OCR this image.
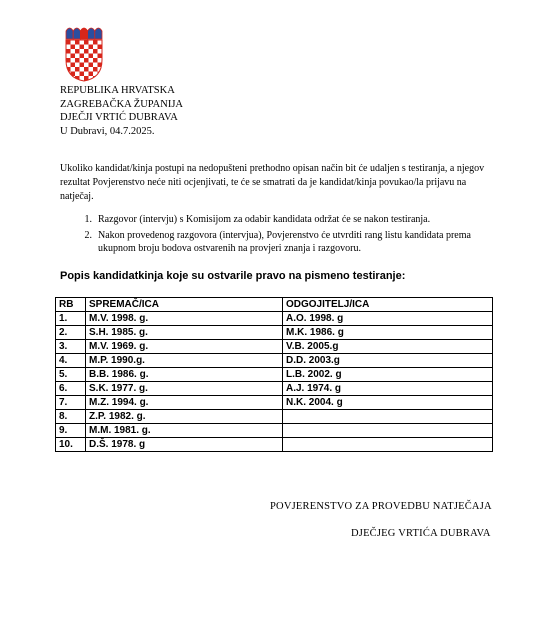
REPUBLIKA HRVATSKA
ZAGREBAČKA ŽUPANIJA
DJEČJI VRTIĆ DUBRAVA
U Dubravi, 04.7.2025.
Ukoliko kandidat/kinja postupi na nedopušteni prethodno opisan način bit će udaljen s testiranja, a njegov rezultat Povjerenstvo neće niti ocjenjivati, te će se smatrati da je kandidat/kinja povukao/la prijavu na natječaj.
1. Razgovor (intervju) s Komisijom za odabir kandidata održat će se nakon testiranja.
2. Nakon provedenog razgovora (intervjua), Povjerenstvo će utvrditi rang listu kandidata prema ukupnom broju bodova ostvarenih na provjeri znanja i razgovoru.
Popis kandidatkinja koje su ostvarile pravo na pismeno testiranje:
RB	SPREMAČ/ICA	ODGOJITELJ/ICA
1.	M.V. 1998. g.	A.O. 1998. g
2.	S.H. 1985. g.	M.K. 1986. g
3.	M.V. 1969. g.	V.B. 2005.g
4.	M.P. 1990.g.	D.D. 2003.g
5.	B.B. 1986. g.	L.B. 2002. g
6.	S.K. 1977. g.	A.J. 1974. g
7.	M.Z. 1994. g.	N.K. 2004. g
8.	Z.P. 1982. g.	
9.	M.M. 1981. g.	
10.	D.Š. 1978. g	
POVJERENSTVO ZA PROVEDBU NATJEČAJA
DJEČJEG VRTIĆA DUBRAVA
